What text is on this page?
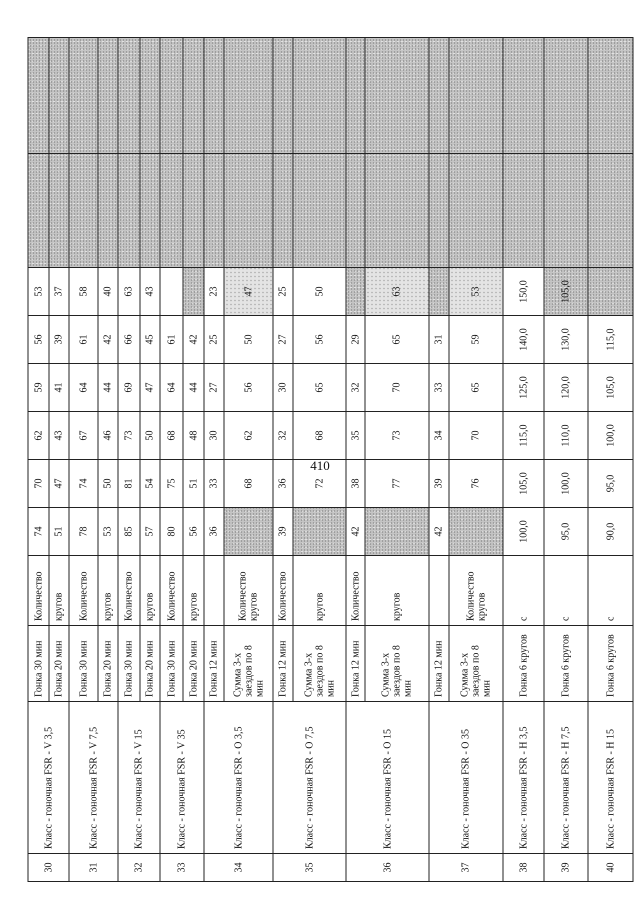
410
30	Класс - гоночная FSR - V 3,5	Гонка 30 мин	Количество	74	70	62	59	56	53		
		Гонка 20 мин	кругов	51	47	43	41	39	37		
31	Класс - гоночная FSR - V 7,5	Гонка 30 мин	Количество	78	74	67	64	61	58		
		Гонка 20 мин	кругов	53	50	46	44	42	40		
32	Класс - гоночная FSR - V 15	Гонка 30 мин	Количество	85	81	73	69	66	63		
		Гонка 20 мин	кругов	57	54	50	47	45	43		
33	Класс - гоночная FSR - V 35	Гонка 30 мин	Количество	80	75	68	64	61			
		Гонка 20 мин	кругов	56	51	48	44	42			
34	Класс - гоночная FSR - O 3,5	Гонка 12 мин		36	33	30	27	25	23		
		Сумма 3-х заездов по 8 мин	Количество кругов		68	62	56	50	47		
35	Класс - гоночная FSR - O 7,5	Гонка 12 мин	Количество	39	36	32	30	27	25		
		Сумма 3-х заездов по 8 мин	кругов		72	68	65	56	50		
36	Класс - гоночная FSR - O 15	Гонка 12 мин	Количество	42	38	35	32	29			
		Сумма 3-х заездов по 8 мин	кругов		77	73	70	65	63		
37	Класс - гоночная FSR - O 35	Гонка 12 мин		42	39	34	33	31			
		Сумма 3-х заездов по 8 мин	Количество кругов		76	70	65	59	53		
38	Класс - гоночная FSR - H 3,5	Гонка 6 кругов	с	100,0	105,0	115,0	125,0	140,0	150,0		
39	Класс - гоночная FSR - H 7,5	Гонка 6 кругов	с	95,0	100,0	110,0	120,0	130,0	105,0		
40	Класс - гоночная FSR - H 15	Гонка 6 кругов	с	90,0	95,0	100,0	105,0	115,0			
